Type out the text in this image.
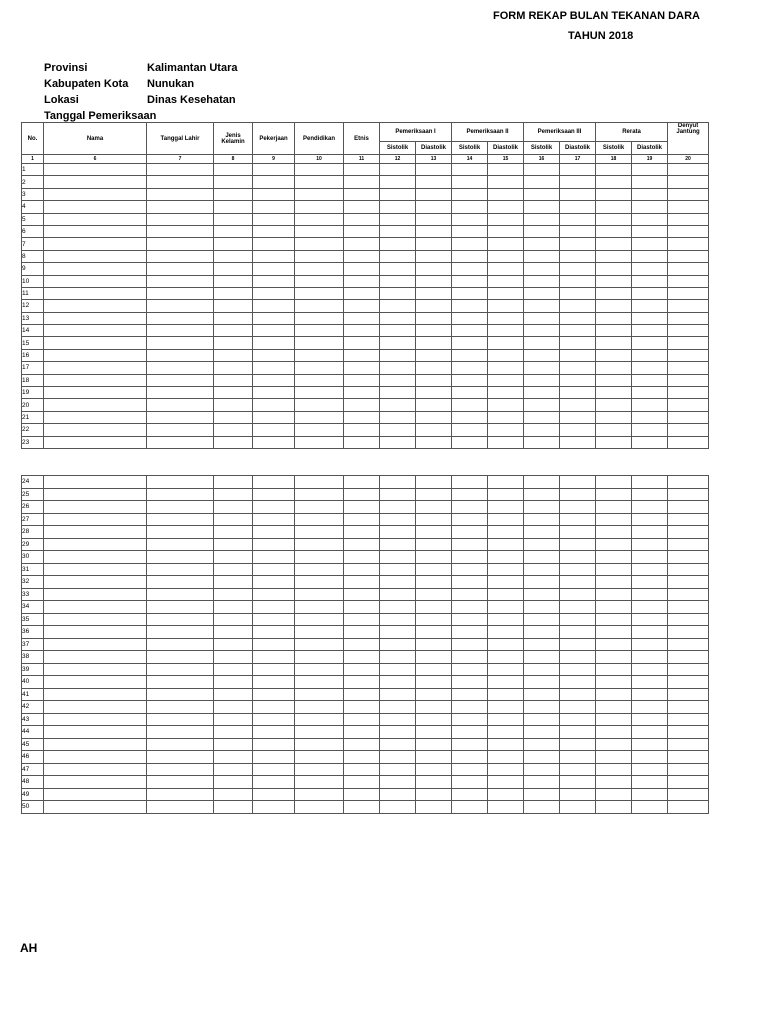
FORM REKAP BULAN TEKANAN DARA
TAHUN 2018
Provinsi	Kalimantan Utara
Kabupaten Kota Nunukan
Lokasi	Dinas Kesehatan
Tanggal Pemeriksaan
No.	Nama	Tanggal Lahir	Jenis Kelamin	Pekerjaan	Pendidikan	Etnis	Pemeriksaan I		Pemeriksaan II		Pemeriksaan III		Rerata		Denyut Jantung
							Sistolik	Diastolik	Sistolik	Diastolik	Sistolik	Diastolik	Sistolik	Diastolik	
1	6	7	8	9	10	11	12	13	14	15	16	17	18	19	20
1															
2															
3															
4															
5															
6															
7															
8															
9															
10															
11															
12															
13															
14															
15															
16															
17															
18															
19															
20															
21															
22															
23															
24															
25															
26															
27															
28															
29															
30															
31															
32															
33															
34															
35															
36															
37															
38															
39															
40															
41															
42															
43															
44															
45															
46															
47															
48															
49															
50															
AH
